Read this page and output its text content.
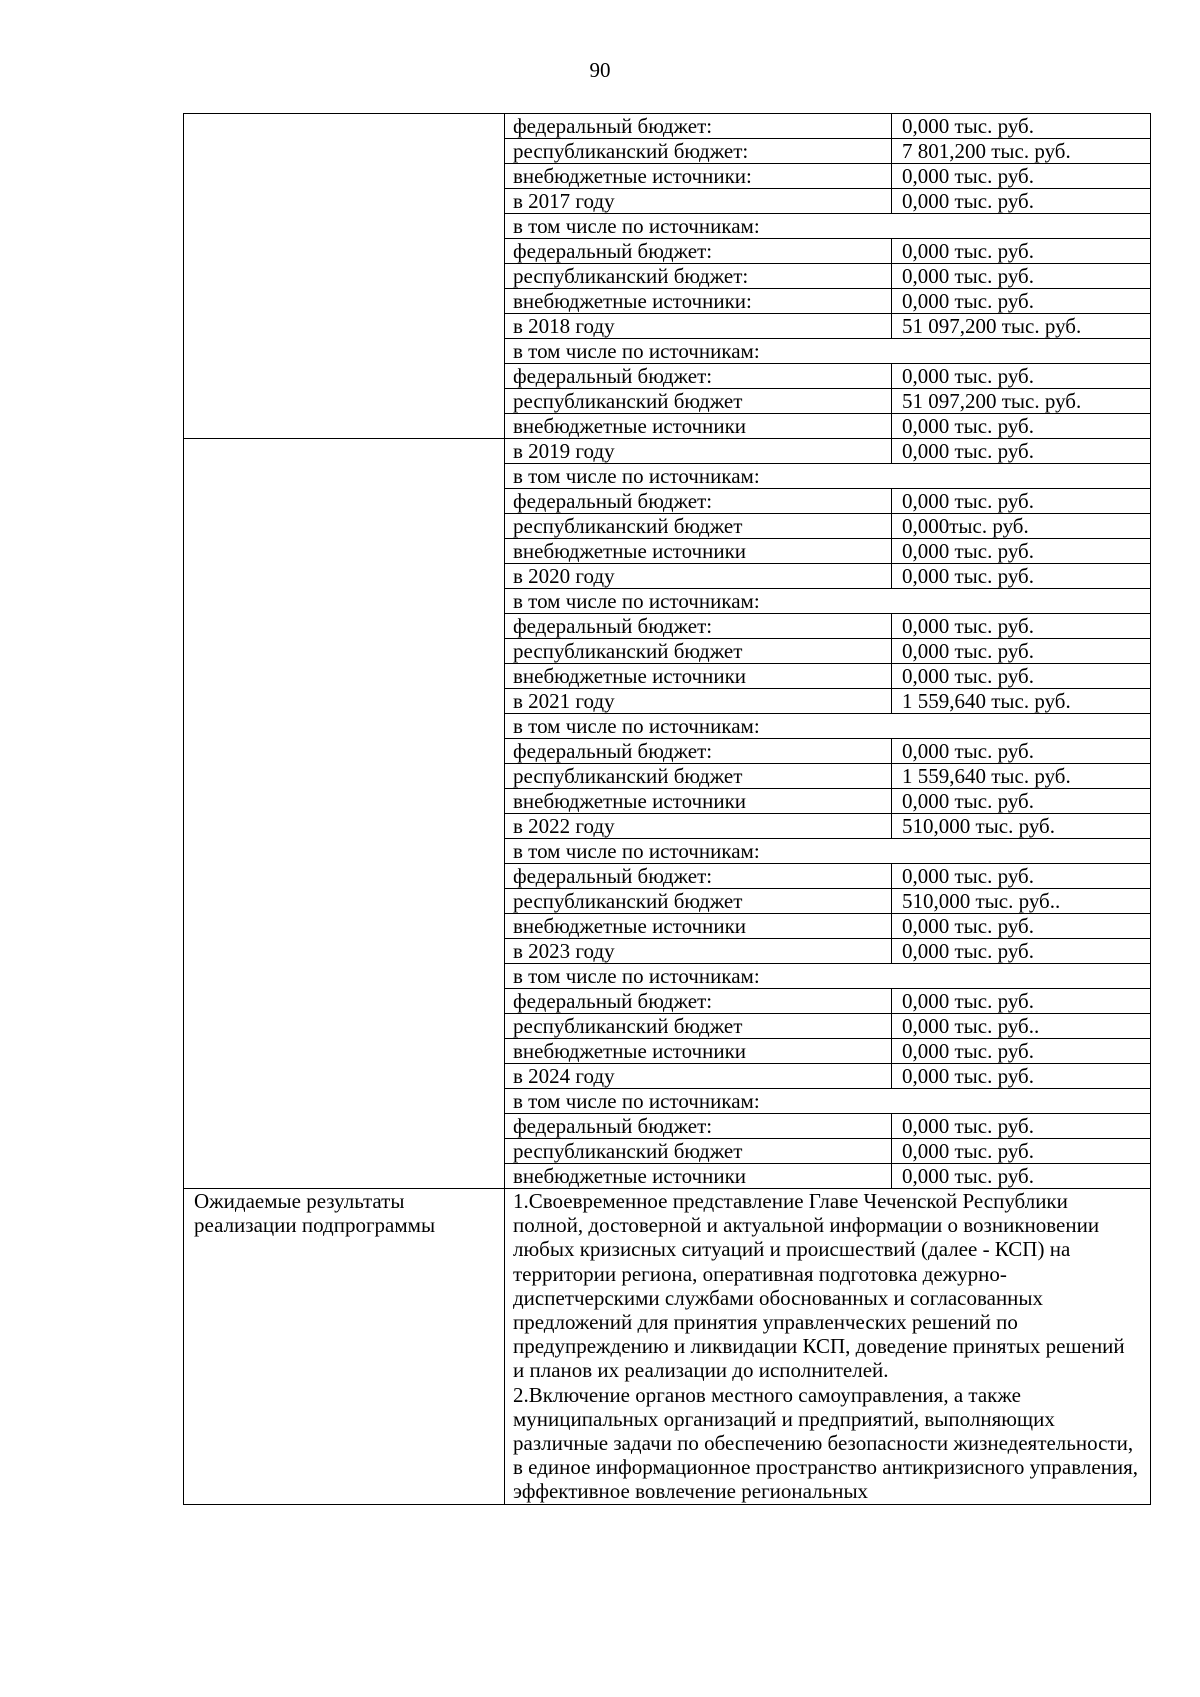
90
	федеральный бюджет:	0,000 тыс. руб.
	республиканский бюджет:	7 801,200 тыс. руб.
	внебюджетные источники:	0,000 тыс. руб.
	в 2017 году	0,000 тыс. руб.
	в том числе по источникам:	
	федеральный бюджет:	0,000 тыс. руб.
	республиканский бюджет:	0,000 тыс. руб.
	внебюджетные источники:	0,000 тыс. руб.
	в 2018 году	51 097,200 тыс. руб.
	в том числе по источникам:	
	федеральный бюджет:	0,000 тыс. руб.
	республиканский бюджет	51 097,200 тыс. руб.
	внебюджетные источники	0,000 тыс. руб.
	в 2019 году	0,000 тыс. руб.
	в том числе по источникам:	
	федеральный бюджет:	0,000 тыс. руб.
	республиканский бюджет	0,000тыс. руб.
	внебюджетные источники	0,000 тыс. руб.
	в 2020 году	0,000 тыс. руб.
	в том числе по источникам:	
	федеральный бюджет:	0,000 тыс. руб.
	республиканский бюджет	0,000 тыс. руб.
	внебюджетные источники	0,000 тыс. руб.
	в 2021 году	1 559,640 тыс. руб.
	в том числе по источникам:	
	федеральный бюджет:	0,000 тыс. руб.
	республиканский бюджет	1 559,640 тыс. руб.
	внебюджетные источники	0,000 тыс. руб.
	в 2022 году	510,000 тыс. руб.
	в том числе по источникам:	
	федеральный бюджет:	0,000 тыс. руб.
	республиканский бюджет	510,000 тыс. руб..
	внебюджетные источники	0,000 тыс. руб.
	в 2023 году	0,000 тыс. руб.
	в том числе по источникам:	
	федеральный бюджет:	0,000 тыс. руб.
	республиканский бюджет	0,000 тыс. руб..
	внебюджетные источники	0,000 тыс. руб.
	в 2024 году	0,000 тыс. руб.
	в том числе по источникам:	
	федеральный бюджет:	0,000 тыс. руб.
	республиканский бюджет	0,000 тыс. руб.
	внебюджетные источники	0,000 тыс. руб.
Ожидаемые результаты реализации подпрограммы	1.Своевременное представление Главе Чеченской Республики полной, достоверной и актуальной информации о возникновении любых кризисных ситуаций и происшествий (далее - КСП) на территории региона, оперативная подготовка дежурно-диспетчерскими службами обоснованных и согласованных предложений для принятия управленческих решений по предупреждению и ликвидации КСП, доведение принятых решений и планов их реализации до исполнителей.

2.Включение органов местного самоуправления, а также муниципальных организаций и предприятий, выполняющих различные задачи по обеспечению безопасности жизнедеятельности, в единое информационное пространство антикризисного управления, эффективное вовлечение региональных	
